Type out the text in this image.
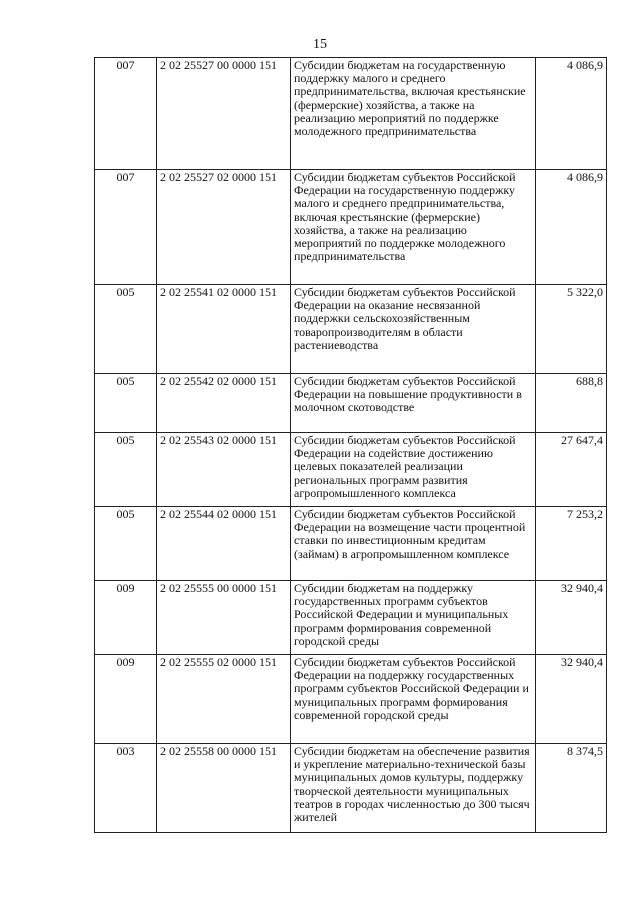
15
007	2 02 25527 00 0000 151	Субсидии бюджетам на государственную поддержку малого и среднего предпринимательства, включая крестьянские (фермерские) хозяйства, а также на реализацию мероприятий по поддержке молодежного предпринимательства	4 086,9
007	2 02 25527 02 0000 151	Субсидии бюджетам субъектов Российской Федерации на государственную поддержку малого и среднего предпринимательства, включая крестьянские (фермерские) хозяйства, а также на реализацию мероприятий по поддержке молодежного предпринимательства	4 086,9
005	2 02 25541 02 0000 151	Субсидии бюджетам субъектов Российской Федерации на оказание несвязанной поддержки сельскохозяйственным товаропроизводителям в области растениеводства	5 322,0
005	2 02 25542 02 0000 151	Субсидии бюджетам субъектов Российской Федерации на повышение продуктивности в молочном скотоводстве	688,8
005	2 02 25543 02 0000 151	Субсидии бюджетам субъектов Российской Федерации на содействие достижению целевых показателей реализации региональных программ развития агропромышленного комплекса	27 647,4
005	2 02 25544 02 0000 151	Субсидии бюджетам субъектов Российской Федерации на возмещение части процентной ставки по инвестиционным кредитам (займам) в агропромышленном комплексе	7 253,2
009	2 02 25555 00 0000 151	Субсидии бюджетам на поддержку государственных программ субъектов Российской Федерации и муниципальных программ формирования современной городской среды	32 940,4
009	2 02 25555 02 0000 151	Субсидии бюджетам субъектов Российской Федерации на поддержку государственных программ субъектов Российской Федерации и муниципальных программ формирования современной городской среды	32 940,4
003	2 02 25558 00 0000 151	Субсидии бюджетам на обеспечение развития и укрепление материально-технической базы муниципальных домов культуры, поддержку творческой деятельности муниципальных театров в городах численностью до 300 тысяч жителей	8 374,5
